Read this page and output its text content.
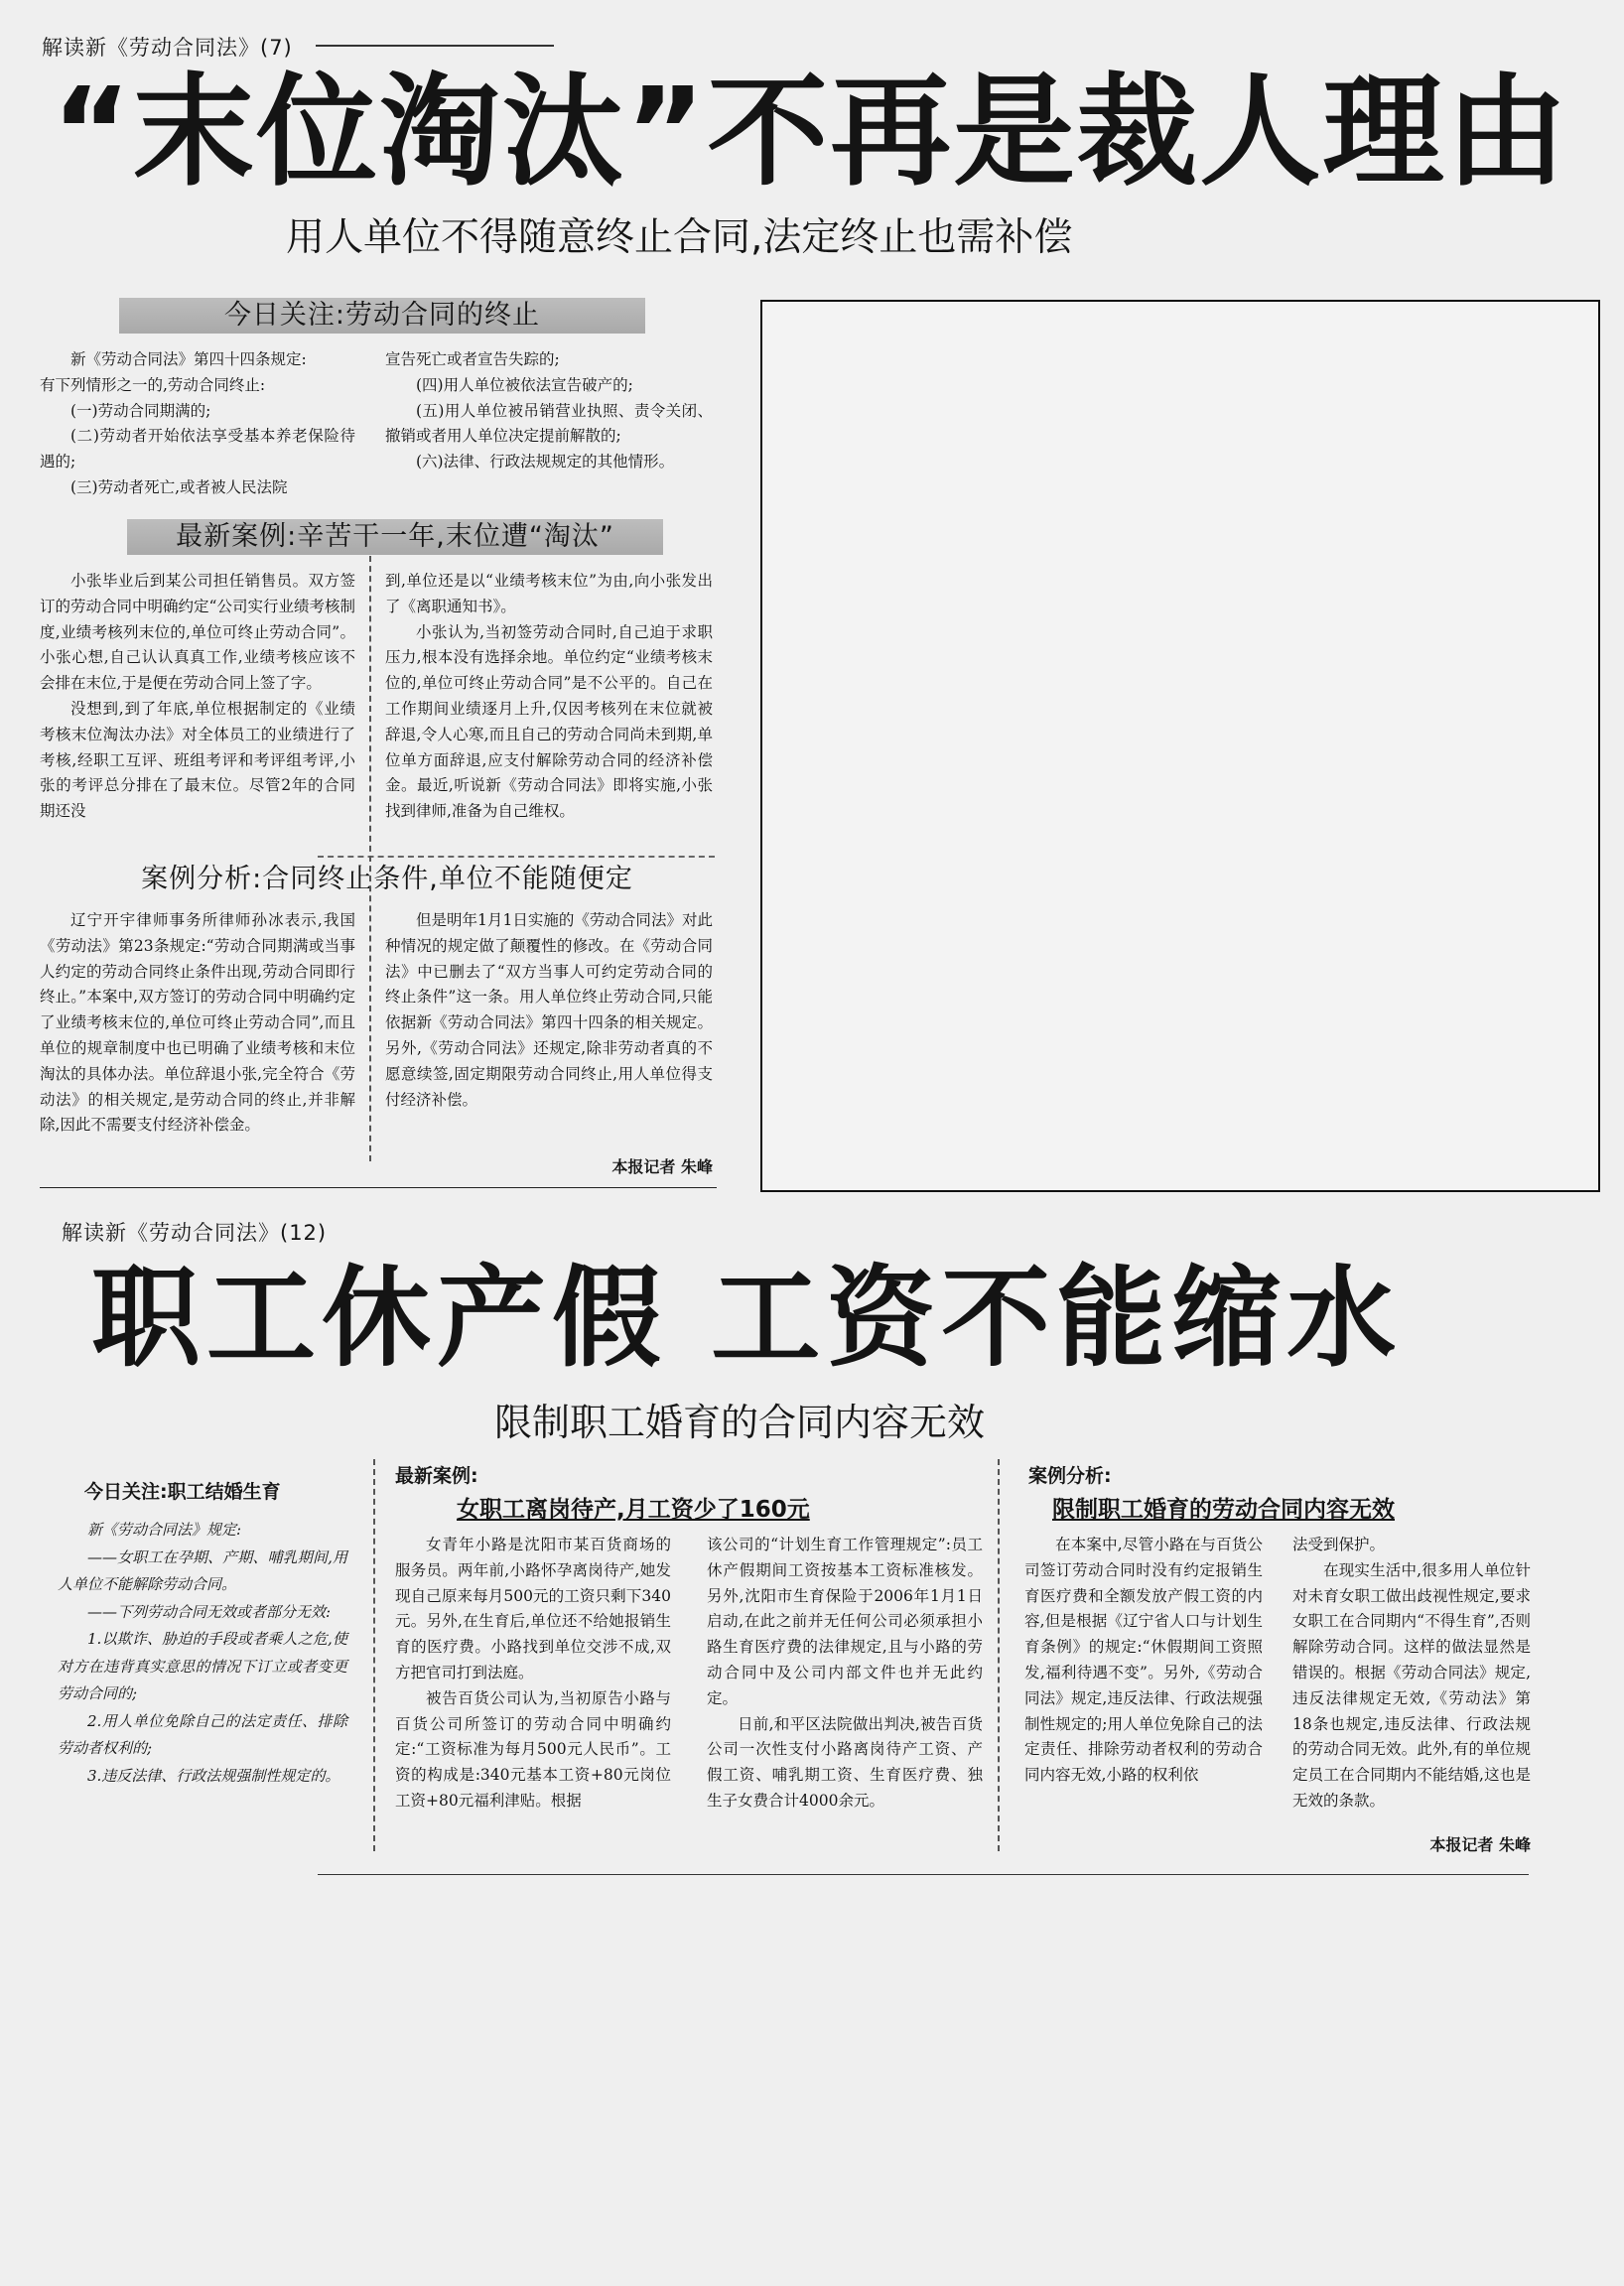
解读新《劳动合同法》(7)
“末位淘汰”不再是裁人理由
用人单位不得随意终止合同,法定终止也需补偿
今日关注:劳动合同的终止

新《劳动合同法》第四十四条规定:

有下列情形之一的,劳动合同终止:

(一)劳动合同期满的;

(二)劳动者开始依法享受基本养老保险待遇的;

(三)劳动者死亡,或者被人民法院

宣告死亡或者宣告失踪的;

(四)用人单位被依法宣告破产的;

(五)用人单位被吊销营业执照、责令关闭、撤销或者用人单位决定提前解散的;

(六)法律、行政法规规定的其他情形。

最新案例:辛苦干一年,末位遭“淘汰”

小张毕业后到某公司担任销售员。双方签订的劳动合同中明确约定“公司实行业绩考核制度,业绩考核列末位的,单位可终止劳动合同”。小张心想,自己认认真真工作,业绩考核应该不会排在末位,于是便在劳动合同上签了字。

没想到,到了年底,单位根据制定的《业绩考核末位淘汰办法》对全体员工的业绩进行了考核,经职工互评、班组考评和考评组考评,小张的考评总分排在了最末位。尽管2年的合同期还没

到,单位还是以“业绩考核末位”为由,向小张发出了《离职通知书》。

小张认为,当初签劳动合同时,自己迫于求职压力,根本没有选择余地。单位约定“业绩考核末位的,单位可终止劳动合同”是不公平的。自己在工作期间业绩逐月上升,仅因考核列在末位就被辞退,令人心寒,而且自己的劳动合同尚未到期,单位单方面辞退,应支付解除劳动合同的经济补偿金。最近,听说新《劳动合同法》即将实施,小张找到律师,准备为自己维权。

案例分析:合同终止条件,单位不能随便定

辽宁开宇律师事务所律师孙冰表示,我国《劳动法》第23条规定:“劳动合同期满或当事人约定的劳动合同终止条件出现,劳动合同即行终止。”本案中,双方签订的劳动合同中明确约定了业绩考核末位的,单位可终止劳动合同”,而且单位的规章制度中也已明确了业绩考核和末位淘汰的具体办法。单位辞退小张,完全符合《劳动法》的相关规定,是劳动合同的终止,并非解除,因此不需要支付经济补偿金。

但是明年1月1日实施的《劳动合同法》对此种情况的规定做了颠覆性的修改。在《劳动合同法》中已删去了“双方当事人可约定劳动合同的终止条件”这一条。用人单位终止劳动合同,只能依据新《劳动合同法》第四十四条的相关规定。另外,《劳动合同法》还规定,除非劳动者真的不愿意续签,固定期限劳动合同终止,用人单位得支付经济补偿。

本报记者 朱峰
解读新《劳动合同法》(12)
职工休产假 工资不能缩水
限制职工婚育的合同内容无效
今日关注:职工结婚生育

新《劳动合同法》规定:

——女职工在孕期、产期、哺乳期间,用人单位不能解除劳动合同。

——下列劳动合同无效或者部分无效:

1.以欺诈、胁迫的手段或者乘人之危,使对方在违背真实意思的情况下订立或者变更劳动合同的;

2.用人单位免除自己的法定责任、排除劳动者权利的;

3.违反法律、行政法规强制性规定的。

最新案例:
女职工离岗待产,月工资少了160元

女青年小路是沈阳市某百货商场的服务员。两年前,小路怀孕离岗待产,她发现自己原来每月500元的工资只剩下340元。另外,在生育后,单位还不给她报销生育的医疗费。小路找到单位交涉不成,双方把官司打到法庭。

被告百货公司认为,当初原告小路与百货公司所签订的劳动合同中明确约定:“工资标准为每月500元人民币”。工资的构成是:340元基本工资+80元岗位工资+80元福利津贴。根据

该公司的“计划生育工作管理规定”:员工休产假期间工资按基本工资标准核发。另外,沈阳市生育保险于2006年1月1日启动,在此之前并无任何公司必须承担小路生育医疗费的法律规定,且与小路的劳动合同中及公司内部文件也并无此约定。

日前,和平区法院做出判决,被告百货公司一次性支付小路离岗待产工资、产假工资、哺乳期工资、生育医疗费、独生子女费合计4000余元。

案例分析:
限制职工婚育的劳动合同内容无效

在本案中,尽管小路在与百货公司签订劳动合同时没有约定报销生育医疗费和全额发放产假工资的内容,但是根据《辽宁省人口与计划生育条例》的规定:“休假期间工资照发,福利待遇不变”。另外,《劳动合同法》规定,违反法律、行政法规强制性规定的;用人单位免除自己的法定责任、排除劳动者权利的劳动合同内容无效,小路的权利依

法受到保护。

在现实生活中,很多用人单位针对未育女职工做出歧视性规定,要求女职工在合同期内“不得生育”,否则解除劳动合同。这样的做法显然是错误的。根据《劳动合同法》规定,违反法律规定无效,《劳动法》第18条也规定,违反法律、行政法规的劳动合同无效。此外,有的单位规定员工在合同期内不能结婚,这也是无效的条款。

本报记者 朱峰
